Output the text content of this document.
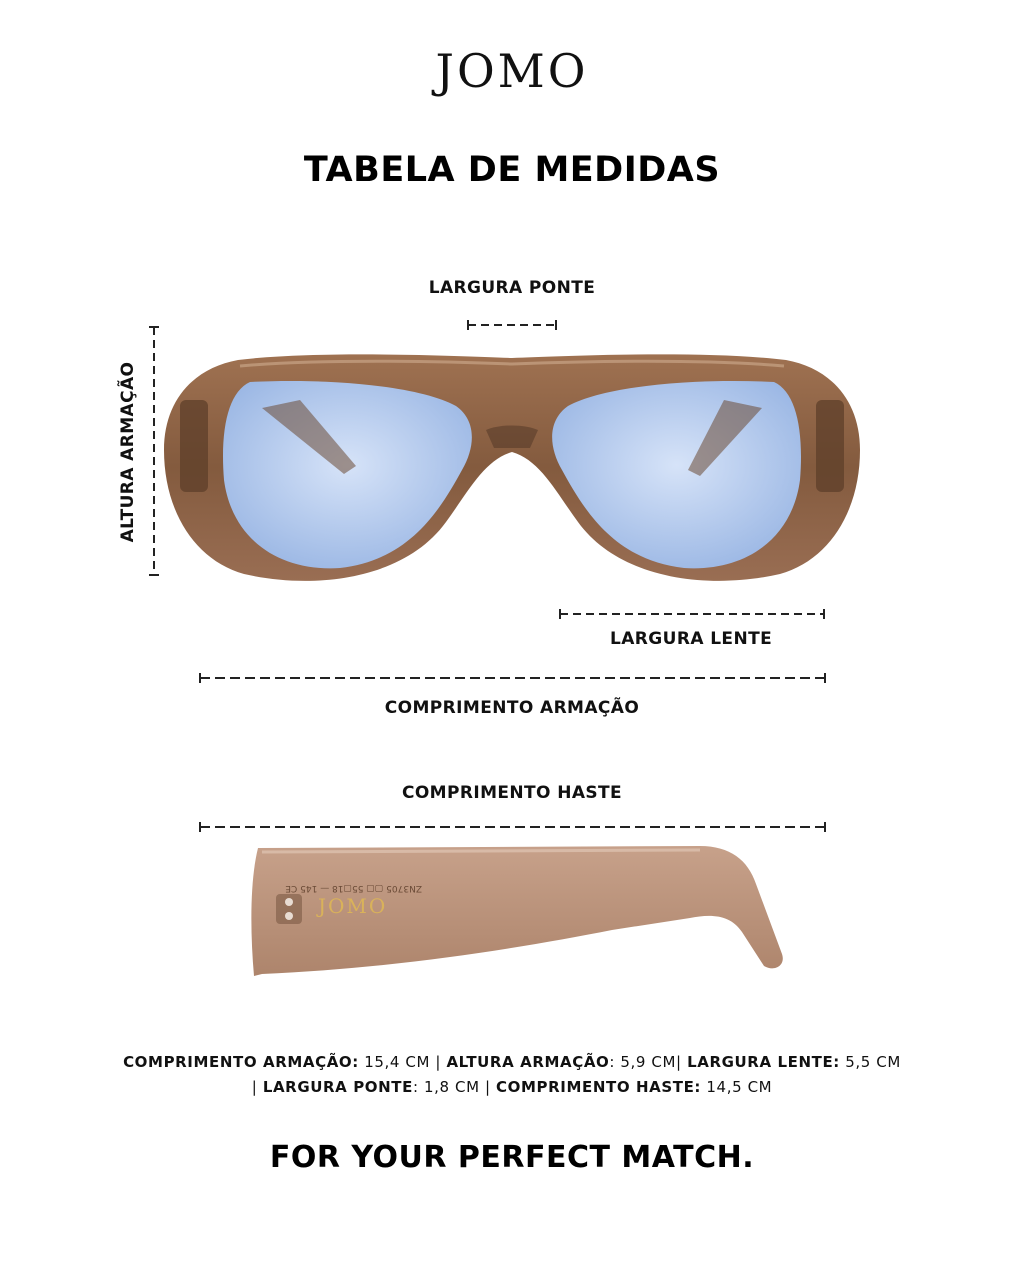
JOMO
TABELA DE MEDIDAS
LARGURA PONTE
ALTURA ARMAÇÃO
LARGURA LENTE
COMPRIMENTO ARMAÇÃO
COMPRIMENTO HASTE
JOMO
ZN3705 ▢▢ 55▢18 — 145 CE
COMPRIMENTO ARMAÇÃO: 15,4 CM | ALTURA ARMAÇÃO: 5,9 CM| LARGURA LENTE: 5,5 CM
| LARGURA PONTE: 1,8 CM | COMPRIMENTO HASTE: 14,5 CM
FOR YOUR PERFECT MATCH.
